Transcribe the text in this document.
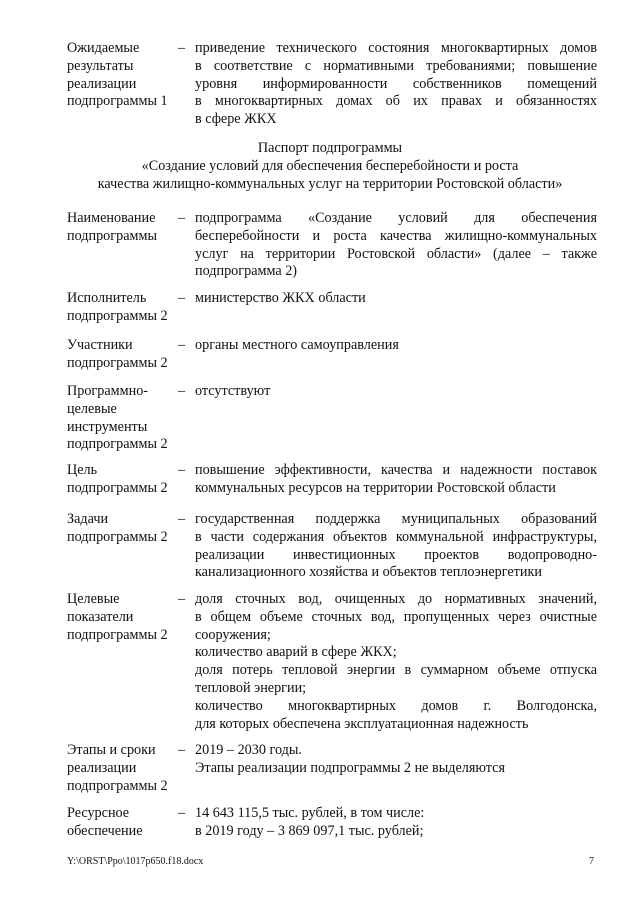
Ожидаемые
результаты
реализации
подпрограммы 1
– приведение технического состояния многоквартирных домов
в соответствие с нормативными требованиями; повышение
уровня информированности собственников помещений
в многоквартирных домах об их правах и обязанностях
в сфере ЖКХ
Паспорт подпрограммы
«Создание условий для обеспечения бесперебойности и роста
качества жилищно-коммунальных услуг на территории Ростовской области»
Наименование
подпрограммы
– подпрограмма «Создание условий для обеспечения
бесперебойности и роста качества жилищно-коммунальных
услуг на территории Ростовской области» (далее – также
подпрограмма 2)
Исполнитель
подпрограммы 2
– министерство ЖКХ области
Участники
подпрограммы 2
– органы местного самоуправления
Программно-
целевые
инструменты
подпрограммы 2
– отсутствуют
Цель
подпрограммы 2
– повышение эффективности, качества и надежности поставок
коммунальных ресурсов на территории Ростовской области
Задачи
подпрограммы 2
– государственная поддержка муниципальных образований
в части содержания объектов коммунальной инфраструктуры,
реализации инвестиционных проектов водопроводно-
канализационного хозяйства и объектов теплоэнергетики
Целевые
показатели
подпрограммы 2
– доля сточных вод, очищенных до нормативных значений,
в общем объеме сточных вод, пропущенных через очистные
сооружения;
количество аварий в сфере ЖКХ;
доля потерь тепловой энергии в суммарном объеме отпуска
тепловой энергии;
количество многоквартирных домов г. Волгодонска,
для которых обеспечена эксплуатационная надежность
Этапы и сроки
реализации
подпрограммы 2
– 2019 – 2030 годы.
Этапы реализации подпрограммы 2 не выделяются
Ресурсное
обеспечение
– 14 643 115,5 тыс. рублей, в том числе:
в 2019 году – 3 869 097,1 тыс. рублей;
Y:\ORST\Ppo\1017p650.f18.docx	7
